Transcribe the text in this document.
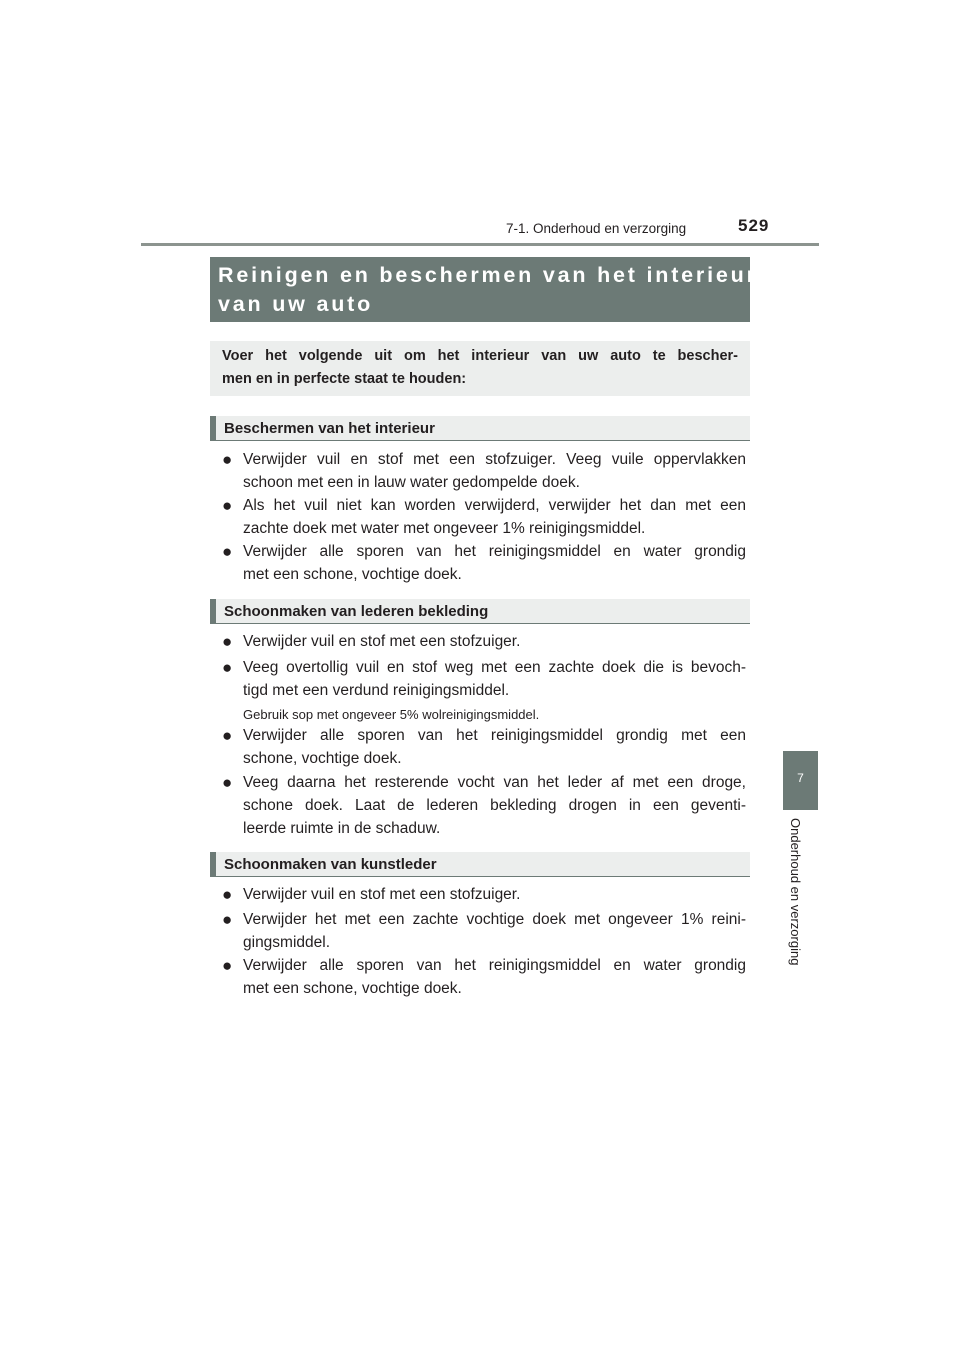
7-1. Onderhoud en verzorging	529
7
Onderhoud en verzorging
Reinigen en beschermen van het interieur
van uw auto
Voer het volgende uit om het interieur van uw auto te bescher-
men en in perfecte staat te houden:
Beschermen van het interieur
● Verwijder vuil en stof met een stofzuiger. Veeg vuile oppervlakken
schoon met een in lauw water gedompelde doek.
● Als het vuil niet kan worden verwijderd, verwijder het dan met een
zachte doek met water met ongeveer 1% reinigingsmiddel.
● Verwijder alle sporen van het reinigingsmiddel en water grondig
met een schone, vochtige doek.
Schoonmaken van lederen bekleding
● Verwijder vuil en stof met een stofzuiger.
● Veeg overtollig vuil en stof weg met een zachte doek die is bevoch-
tigd met een verdund reinigingsmiddel.
Gebruik sop met ongeveer 5% wolreinigingsmiddel.
● Verwijder alle sporen van het reinigingsmiddel grondig met een
schone, vochtige doek.
● Veeg daarna het resterende vocht van het leder af met een droge,
schone doek. Laat de lederen bekleding drogen in een geventi-
leerde ruimte in de schaduw.
Schoonmaken van kunstleder
● Verwijder vuil en stof met een stofzuiger.
● Verwijder het met een zachte vochtige doek met ongeveer 1% reini-
gingsmiddel.
● Verwijder alle sporen van het reinigingsmiddel en water grondig
met een schone, vochtige doek.
